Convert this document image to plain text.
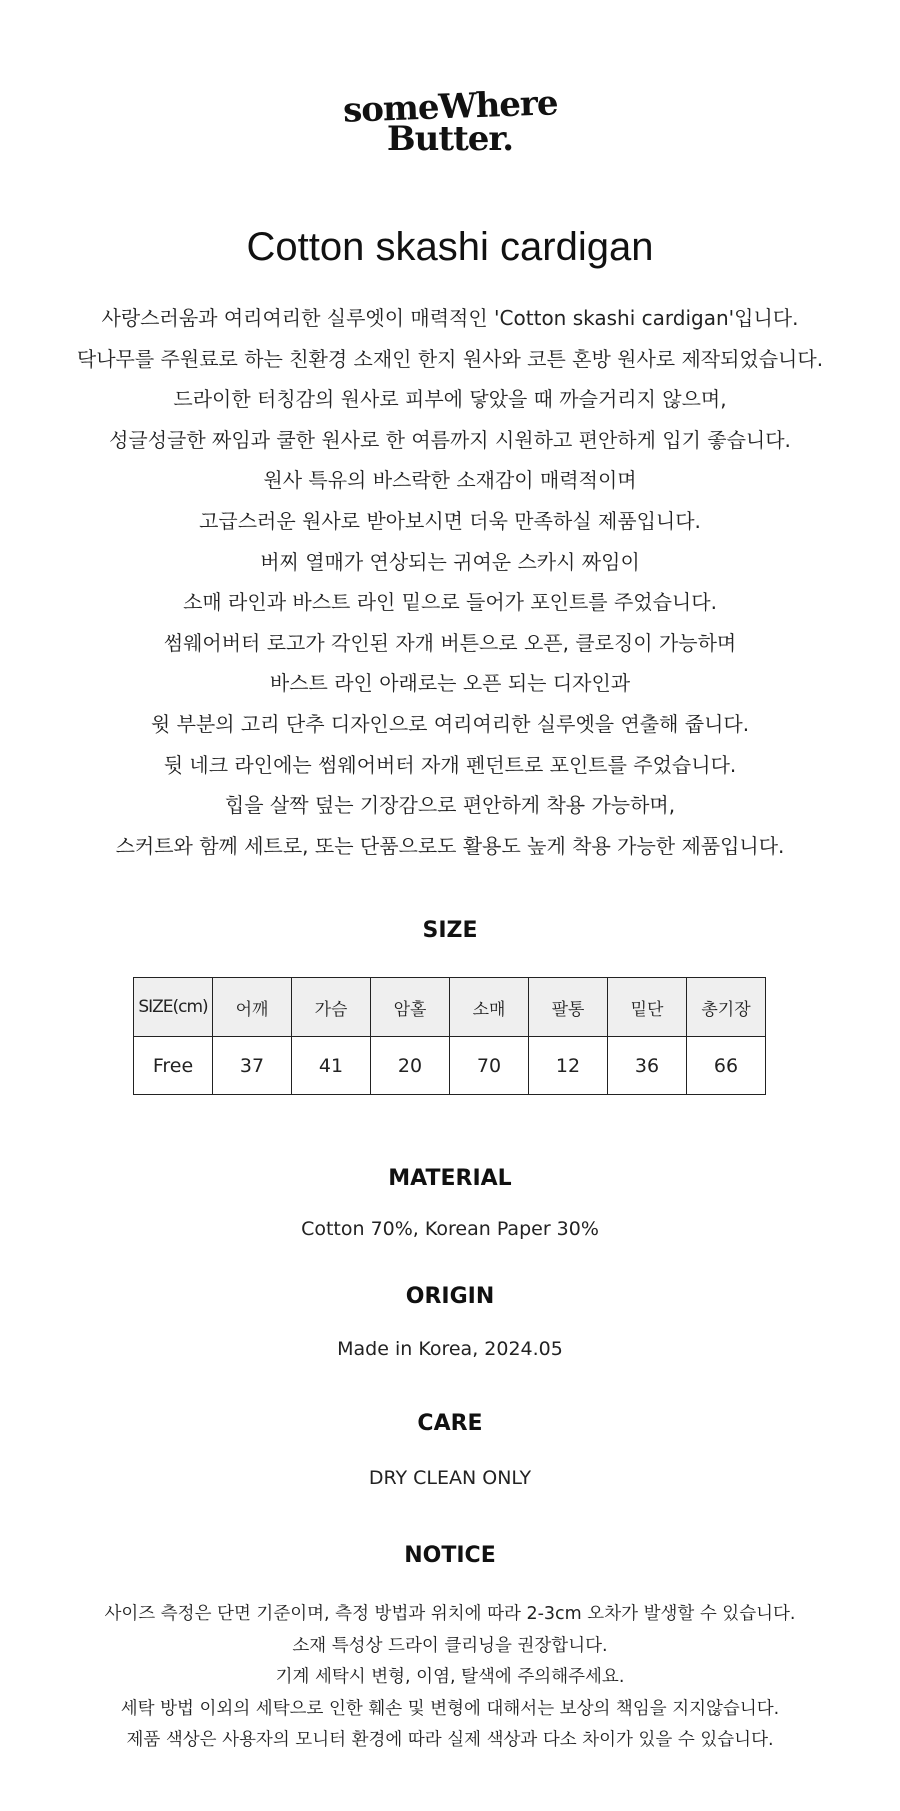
someWhere
Butter.
Cotton skashi cardigan
사랑스러움과 여리여리한 실루엣이 매력적인 'Cotton skashi cardigan'입니다.
닥나무를 주원료로 하는 친환경 소재인 한지 원사와 코튼 혼방 원사로 제작되었습니다.
드라이한 터칭감의 원사로 피부에 닿았을 때 까슬거리지 않으며,
성글성글한 짜임과 쿨한 원사로 한 여름까지 시원하고 편안하게 입기 좋습니다.
원사 특유의 바스락한 소재감이 매력적이며
고급스러운 원사로 받아보시면 더욱 만족하실 제품입니다.
버찌 열매가 연상되는 귀여운 스카시 짜임이
소매 라인과 바스트 라인 밑으로 들어가 포인트를 주었습니다.
썸웨어버터 로고가 각인된 자개 버튼으로 오픈, 클로징이 가능하며
바스트 라인 아래로는 오픈 되는 디자인과
윗 부분의 고리 단추 디자인으로 여리여리한 실루엣을 연출해 줍니다.
뒷 네크 라인에는 썸웨어버터 자개 펜던트로 포인트를 주었습니다.
힙을 살짝 덮는 기장감으로 편안하게 착용 가능하며,
스커트와 함께 세트로, 또는 단품으로도 활용도 높게 착용 가능한 제품입니다.
SIZE
SIZE(cm)	어깨	가슴	암홀	소매	팔통	밑단	총기장
Free	37	41	20	70	12	36	66
MATERIAL
Cotton 70%, Korean Paper 30%
ORIGIN
Made in Korea, 2024.05
CARE
DRY CLEAN ONLY
NOTICE
사이즈 측정은 단면 기준이며, 측정 방법과 위치에 따라 2-3cm 오차가 발생할 수 있습니다.
소재 특성상 드라이 클리닝을 권장합니다.
기계 세탁시 변형, 이염, 탈색에 주의해주세요.
세탁 방법 이외의 세탁으로 인한 훼손 및 변형에 대해서는 보상의 책임을 지지않습니다.
제품 색상은 사용자의 모니터 환경에 따라 실제 색상과 다소 차이가 있을 수 있습니다.
